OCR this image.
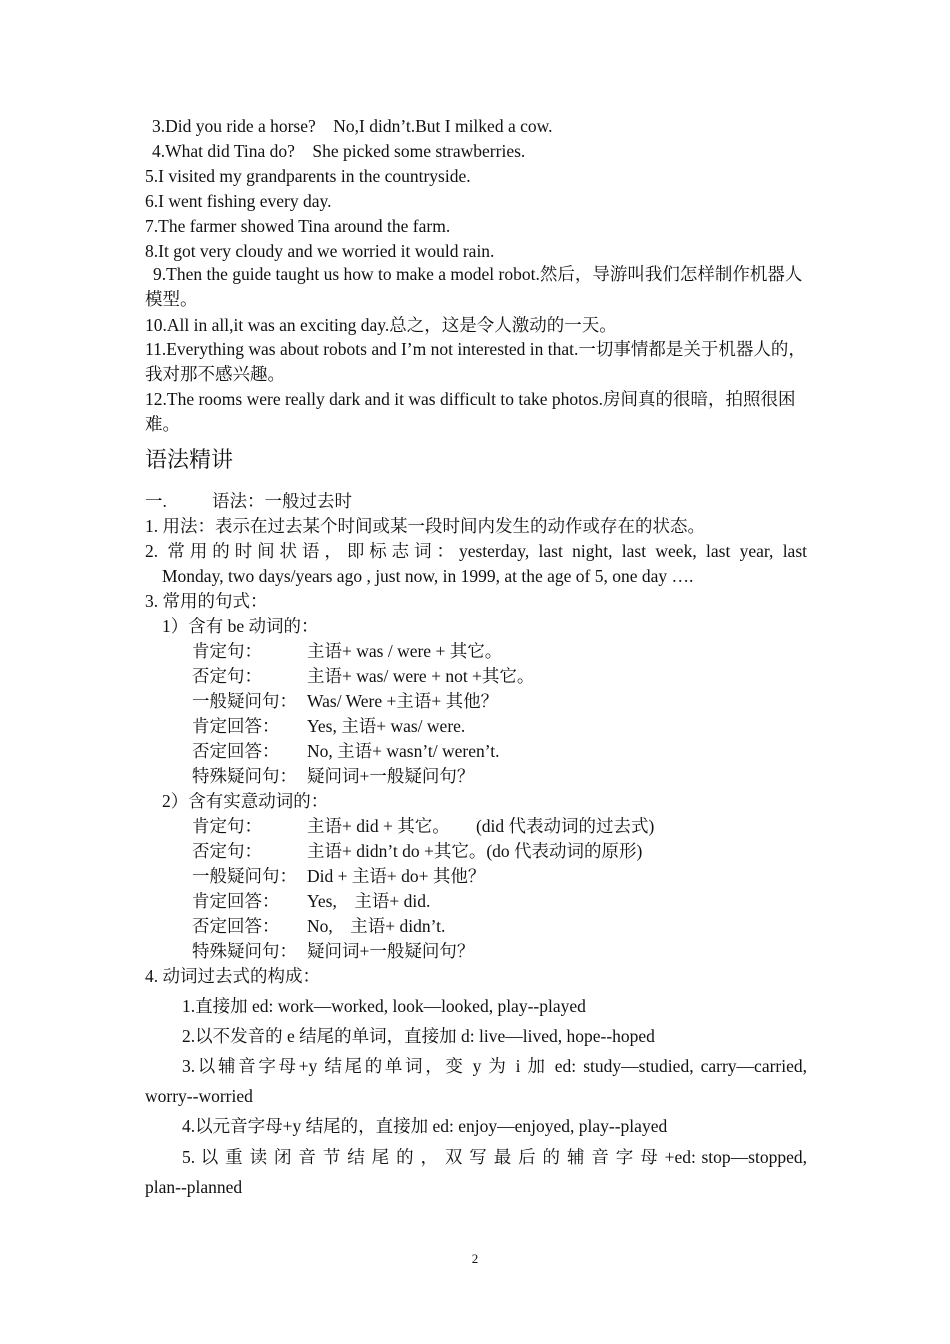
3.Did you ride a horse?　No,I didn’t.But I milked a cow.
4.What did Tina do?　She picked some strawberries.
5.I visited my grandparents in the countryside.
6.I went fishing every day.
7.The farmer showed Tina around the farm.
8.It got very cloudy and we worried it would rain.
9.Then the guide taught us how to make a model robot.然后，导游叫我们怎样制作机器人模型。
10.All in all,it was an exciting day.总之，这是令人激动的一天。
11.Everything was about robots and I’m not interested in that.一切事情都是关于机器人的，我对那不感兴趣。
12.The rooms were really dark and it was difficult to take photos.房间真的很暗，拍照很困难。
语法精讲
一.	语法：一般过去时
1. 用法：表示在过去某个时间或某一段时间内发生的动作或存在的状态。
2. 常用的时间状语，即标志词：yesterday, last night, last week, last year, last
Monday, two days/years ago , just now, in 1999, at the age of 5, one day ….
3. 常用的句式：
1）含有 be 动词的：
肯定句：	主语+ was / were + 其它。
否定句：	主语+ was/ were + not +其它。
一般疑问句： Was/ Were +主语+ 其他？
肯定回答： Yes, 主语+ was/ were.
否定回答： No, 主语+ wasn’t/ weren’t.
特殊疑问句： 疑问词+一般疑问句？
2）含有实意动词的：
肯定句：	主语+ did + 其它。　　(did 代表动词的过去式)
否定句：	主语+ didn’t do +其它。(do 代表动词的原形)
一般疑问句： Did + 主语+ do+ 其他？
肯定回答： Yes,　主语+ did.
否定回答： No,　主语+ didn’t.
特殊疑问句： 疑问词+一般疑问句？
4. 动词过去式的构成：
1.直接加 ed: work—worked, look—looked, play--played
2.以不发音的 e 结尾的单词，直接加 d: live—lived, hope--hoped
3.以辅音字母+y 结尾的单词，变 y 为 i 加 ed: study—studied, carry—carried,
worry--worried
4.以元音字母+y 结尾的，直接加 ed: enjoy—enjoyed, play--played
5. 以 重 读 闭 音 节 结 尾 的 ， 双 写 最 后 的 辅 音 字 母 +ed: stop—stopped,
plan--planned
2
